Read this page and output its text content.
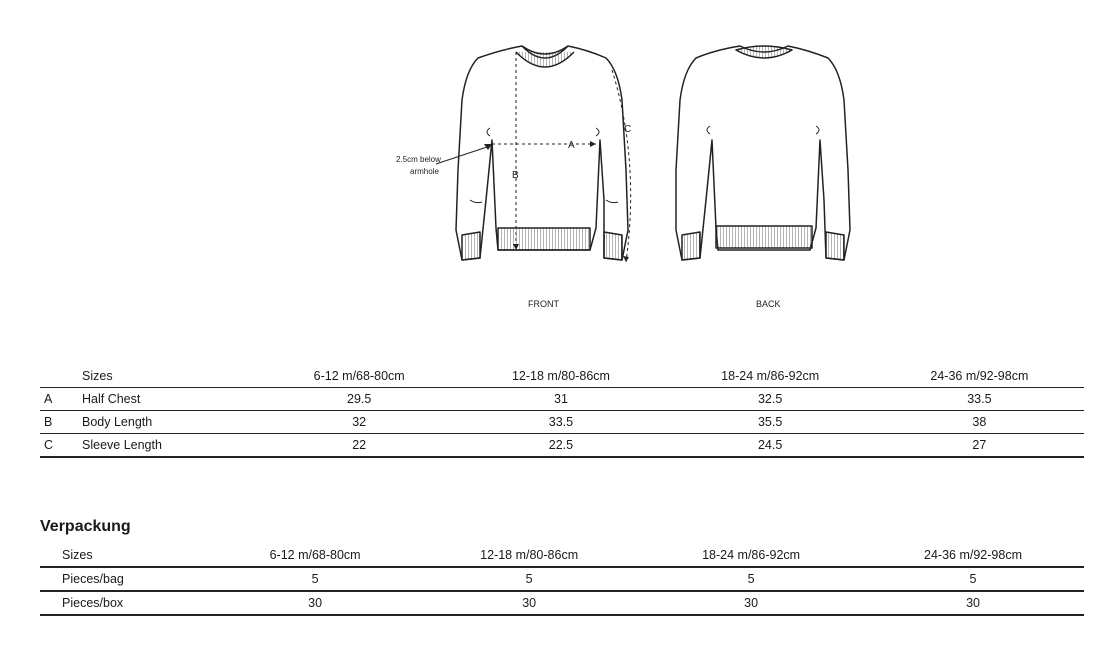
A
B
C
2.5cm below
armhole
FRONT	BACK
	Sizes	6-12 m/68-80cm	12-18 m/80-86cm	18-24 m/86-92cm	24-36 m/92-98cm
A	Half Chest	29.5	31	32.5	33.5
B	Body Length	32	33.5	35.5	38
C	Sleeve Length	22	22.5	24.5	27
Verpackung
Sizes	6-12 m/68-80cm	12-18 m/80-86cm	18-24 m/86-92cm	24-36 m/92-98cm
Pieces/bag	5	5	5	5
Pieces/box	30	30	30	30
